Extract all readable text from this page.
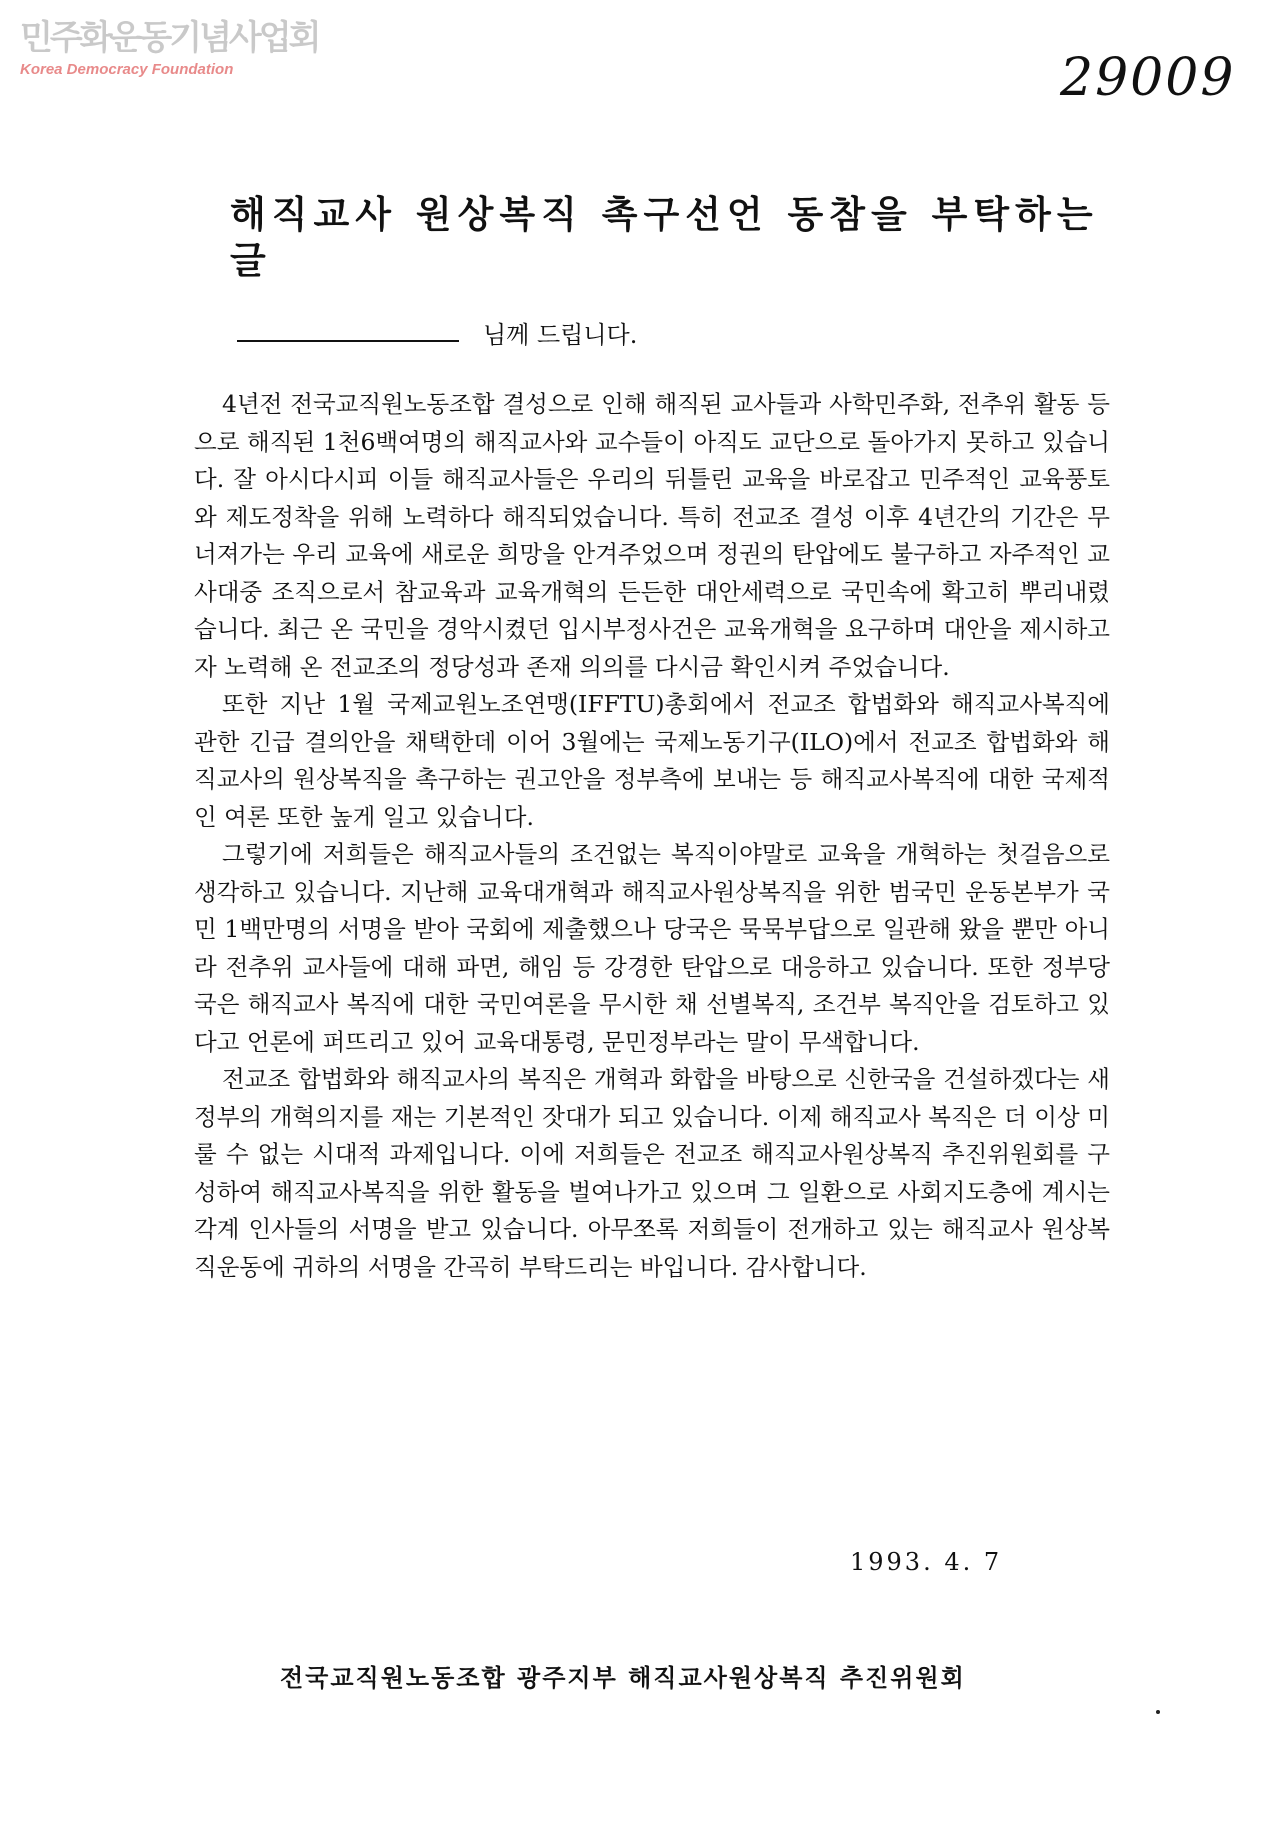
민주화운동기념사업회
Korea Democracy Foundation	29009
해직교사 원상복직 촉구선언 동참을 부탁하는 글
님께 드립니다.

4년전 전국교직원노동조합 결성으로 인해 해직된 교사들과 사학민주화, 전추위 활동 등으로 해직된 1천6백여명의 해직교사와 교수들이 아직도 교단으로 돌아가지 못하고 있습니다. 잘 아시다시피 이들 해직교사들은 우리의 뒤틀린 교육을 바로잡고 민주적인 교육풍토와 제도정착을 위해 노력하다 해직되었습니다. 특히 전교조 결성 이후 4년간의 기간은 무너져가는 우리 교육에 새로운 희망을 안겨주었으며 정권의 탄압에도 불구하고 자주적인 교사대중 조직으로서 참교육과 교육개혁의 든든한 대안세력으로 국민속에 확고히 뿌리내렸습니다. 최근 온 국민을 경악시켰던 입시부정사건은 교육개혁을 요구하며 대안을 제시하고자 노력해 온 전교조의 정당성과 존재 의의를 다시금 확인시켜 주었습니다.

또한 지난 1월 국제교원노조연맹(IFFTU)총회에서 전교조 합법화와 해직교사복직에 관한 긴급 결의안을 채택한데 이어 3월에는 국제노동기구(ILO)에서 전교조 합법화와 해직교사의 원상복직을 촉구하는 권고안을 정부측에 보내는 등 해직교사복직에 대한 국제적인 여론 또한 높게 일고 있습니다.

그렇기에 저희들은 해직교사들의 조건없는 복직이야말로 교육을 개혁하는 첫걸음으로 생각하고 있습니다. 지난해 교육대개혁과 해직교사원상복직을 위한 범국민 운동본부가 국민 1백만명의 서명을 받아 국회에 제출했으나 당국은 묵묵부답으로 일관해 왔을 뿐만 아니라 전추위 교사들에 대해 파면, 해임 등 강경한 탄압으로 대응하고 있습니다. 또한 정부당국은 해직교사 복직에 대한 국민여론을 무시한 채 선별복직, 조건부 복직안을 검토하고 있다고 언론에 퍼뜨리고 있어 교육대통령, 문민정부라는 말이 무색합니다.

전교조 합법화와 해직교사의 복직은 개혁과 화합을 바탕으로 신한국을 건설하겠다는 새 정부의 개혁의지를 재는 기본적인 잣대가 되고 있습니다. 이제 해직교사 복직은 더 이상 미룰 수 없는 시대적 과제입니다. 이에 저희들은 전교조 해직교사원상복직 추진위원회를 구성하여 해직교사복직을 위한 활동을 벌여나가고 있으며 그 일환으로 사회지도층에 계시는 각계 인사들의 서명을 받고 있습니다. 아무쪼록 저희들이 전개하고 있는 해직교사 원상복직운동에 귀하의 서명을 간곡히 부탁드리는 바입니다. 감사합니다.

1993. 4. 7
전국교직원노동조합 광주지부 해직교사원상복직 추진위원회
